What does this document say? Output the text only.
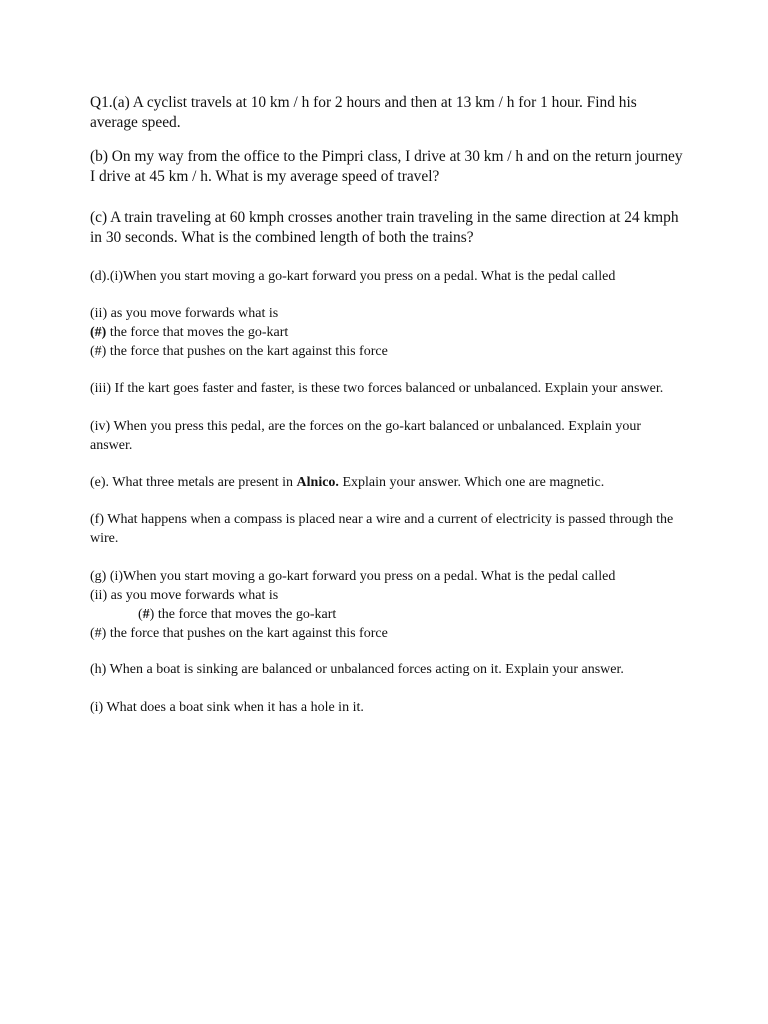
Q1.(a) A cyclist travels at 10 km / h for 2 hours and then at 13 km / h for 1 hour. Find his
average speed.

(b) On my way from the office to the Pimpri class, I drive at 30 km / h and on the return journey
I drive at 45 km / h. What is my average speed of travel?

(c) A train traveling at 60 kmph crosses another train traveling in the same direction at 24 kmph
in 30 seconds. What is the combined length of both the trains?

(d).(i)When you start moving a go-kart forward you press on a pedal. What is the pedal called

(ii) as you move forwards what is
(#) the force that moves the go-kart
(#) the force that pushes on the kart against this force

(iii) If the kart goes faster and faster, is these two forces balanced or unbalanced. Explain your answer.

(iv) When you press this pedal, are the forces on the go-kart balanced or unbalanced. Explain your
answer.

(e). What three metals are present in Alnico. Explain your answer. Which one are magnetic.

(f) What happens when a compass is placed near a wire and a current of electricity is passed through the
wire.

(g) (i)When you start moving a go-kart forward you press on a pedal. What is the pedal called
(ii) as you move forwards what is
(#) the force that moves the go-kart
(#) the force that pushes on the kart against this force

(h) When a boat is sinking are balanced or unbalanced forces acting on it. Explain your answer.

(i) What does a boat sink when it has a hole in it.
